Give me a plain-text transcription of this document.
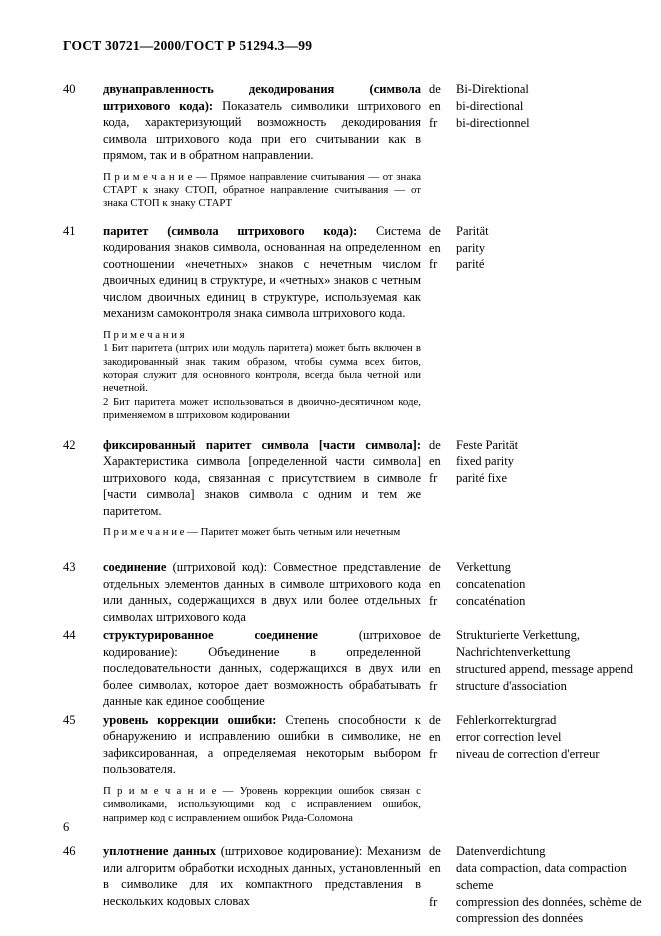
ГОСТ 30721—2000/ГОСТ Р 51294.3—99
40	двунаправленность декодирования (символа штрихового кода): Показатель символики штрихового кода, характеризующий возможность декодирования символа штрихового кода при его считывании как в прямом, так и в обратном направлении.

П р и м е ч а н и е — Прямое направление считывания — от знака СТАРТ к знаку СТОП, обратное направление считывания — от знака СТОП к знаку СТАРТ

de	Bi-Direktional
en	bi-directional
fr	bi-directionnel
41	паритет (символа штрихового кода): Система кодирования знаков символа, основанная на определенном соотношении «нечетных» знаков с нечетным числом двоичных единиц в структуре, и «четных» знаков с четным числом двоичных единиц в структуре, используемая как механизм самоконтроля знака символа штрихового кода.

П р и м е ч а н и я

1 Бит паритета (штрих или модуль паритета) может быть включен в закодированный знак таким образом, чтобы сумма всех битов, которая служит для основного контроля, всегда была четной или нечетной.

2 Бит паритета может использоваться в двоично-десятичном коде, применяемом в штриховом кодировании

de	Parität
en	parity
fr	parité
42	фиксированный паритет символа [части символа]: Характеристика символа [определенной части символа] штрихового кода, связанная с присутствием в символе [части символа] знаков символа с одним и тем же паритетом.

П р и м е ч а н и е — Паритет может быть четным или нечетным

de	Feste Parität
en	fixed parity
fr	parité fixe
43	соединение (штриховой код): Совместное представление отдельных элементов данных в символе штрихового кода или данных, содержащихся в двух или более отдельных символах штрихового кода

de	Verkettung
en	concatenation
fr	concaténation
44	структурированное соединение (штриховое кодирование): Объединение в определенной последовательности данных, содержащихся в двух или более символах, которое дает возможность обрабатывать данные как единое сообщение

de	Strukturierte Verkettung, Nachrichtenverkettung
en	structured append, message append
fr	structure d'association
45	уровень коррекции ошибки: Степень способности к обнаружению и исправлению ошибки в символике, не зафиксированная, а определяемая некоторым выбором пользователя.

П р и м е ч а н и е — Уровень коррекции ошибок связан с символиками, использующими код с исправлением ошибок, например код с исправлением ошибок Рида-Соломона

de	Fehlerkorrekturgrad
en	error correction level
fr	niveau de correction d'erreur
46	уплотнение данных (штриховое кодирование): Механизм или алгоритм обработки исходных данных, установленный в символике для их компактного представления в нескольких кодовых словах

de	Datenverdichtung
en	data compaction, data compaction scheme
fr	compression des données, schème de compression des données
6
